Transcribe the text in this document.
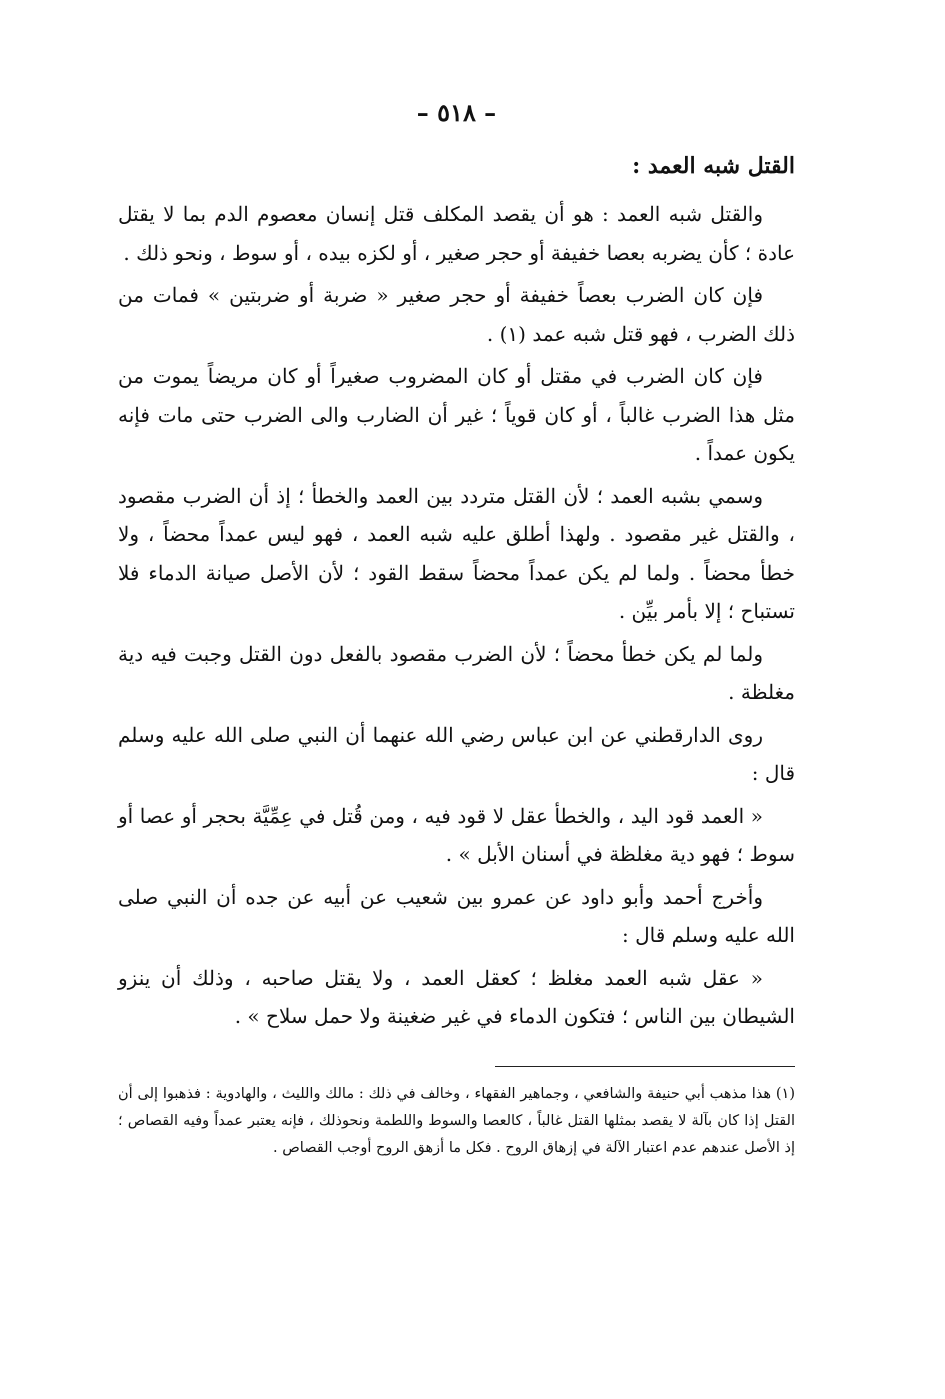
– ٥١٨ –
القتل شبه العمد :

والقتل شبه العمد : هو أن يقصد المكلف قتل إنسان معصوم الدم بما لا يقتل عادة ؛ كأن يضربه بعصا خفيفة أو حجر صغير ، أو لكزه بيده ، أو سوط ، ونحو ذلك .

فإن كان الضرب بعصاً خفيفة أو حجر صغير « ضربة أو ضربتين » فمات من ذلك الضرب ، فهو قتل شبه عمد (١) .

فإن كان الضرب في مقتل أو كان المضروب صغيراً أو كان مريضاً يموت من مثل هذا الضرب غالباً ، أو كان قوياً ؛ غير أن الضارب والى الضرب حتى مات فإنه يكون عمداً .

وسمي بشبه العمد ؛ لأن القتل متردد بين العمد والخطأ ؛ إذ أن الضرب مقصود ، والقتل غير مقصود . ولهذا أطلق عليه شبه العمد ، فهو ليس عمداً محضاً ، ولا خطأ محضاً . ولما لم يكن عمداً محضاً سقط القود ؛ لأن الأصل صيانة الدماء فلا تستباح ؛ إلا بأمر بيِّن .

ولما لم يكن خطأ محضاً ؛ لأن الضرب مقصود بالفعل دون القتل وجبت فيه دية مغلظة .

روى الدارقطني عن ابن عباس رضي الله عنهما أن النبي صلى الله عليه وسلم قال :

« العمد قود اليد ، والخطأ عقل لا قود فيه ، ومن قُتل في عِمِّيَّة بحجر أو عصا أو سوط ؛ فهو دية مغلظة في أسنان الأبل » .

وأخرج أحمد وأبو داود عن عمرو بين شعيب عن أبيه عن جده أن النبي صلى الله عليه وسلم قال :

« عقل شبه العمد مغلظ ؛ كعقل العمد ، ولا يقتل صاحبه ، وذلك أن ينزو الشيطان بين الناس ؛ فتكون الدماء في غير ضغينة ولا حمل سلاح » .

(١) هذا مذهب أبي حنيفة والشافعي ، وجماهير الفقهاء ، وخالف في ذلك : مالك والليث ، والهادوية : فذهبوا إلى أن القتل إذا كان بآلة لا يقصد بمثلها القتل غالباً ، كالعصا والسوط واللطمة ونحوذلك ، فإنه يعتبر عمداً وفيه القصاص ؛ إذ الأصل عندهم عدم اعتبار الآلة في إزهاق الروح . فكل ما أزهق الروح أوجب القصاص .
